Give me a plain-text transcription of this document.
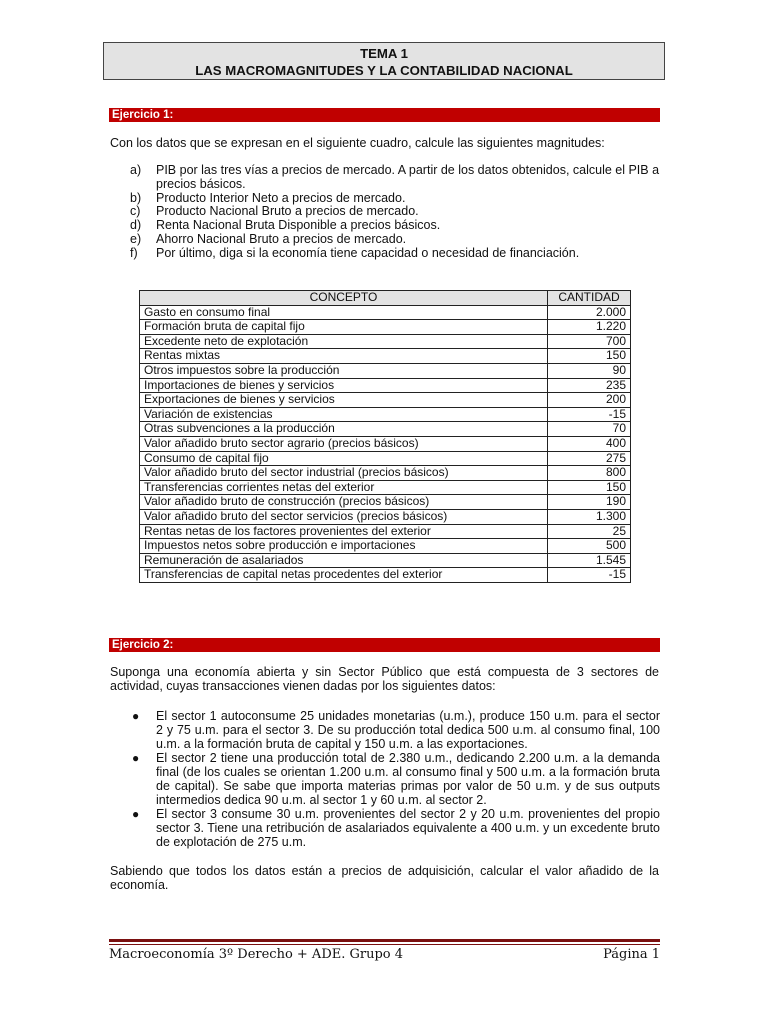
TEMA 1
LAS MACROMAGNITUDES Y LA CONTABILIDAD NACIONAL
Ejercicio 1:

Con los datos que se expresan en el siguiente cuadro, calcule las siguientes magnitudes:

a) PIB por las tres vías a precios de mercado. A partir de los datos obtenidos, calcule el PIB a precios básicos.
b) Producto Interior Neto a precios de mercado.
c) Producto Nacional Bruto a precios de mercado.
d) Renta Nacional Bruta Disponible a precios básicos.
e) Ahorro Nacional Bruto a precios de mercado.
f) Por último, diga si la economía tiene capacidad o necesidad de financiación.
CONCEPTO	CANTIDAD
Gasto en consumo final	2.000
Formación bruta de capital fijo	1.220
Excedente neto de explotación	700
Rentas mixtas	150
Otros impuestos sobre la producción	90
Importaciones de bienes y servicios	235
Exportaciones de bienes y servicios	200
Variación de existencias	-15
Otras subvenciones a la producción	70
Valor añadido bruto sector agrario (precios básicos)	400
Consumo de capital fijo	275
Valor añadido bruto del sector industrial (precios básicos)	800
Transferencias corrientes netas del exterior	150
Valor añadido bruto de construcción (precios básicos)	190
Valor añadido bruto del sector servicios (precios básicos)	1.300
Rentas netas de los factores provenientes del exterior	25
Impuestos netos sobre producción e importaciones	500
Remuneración de asalariados	1.545
Transferencias de capital netas procedentes del exterior	-15
Ejercicio 2:

Suponga una economía abierta y sin Sector Público que está compuesta de 3 sectores de actividad, cuyas transacciones vienen dadas por los siguientes datos:

● El sector 1 autoconsume 25 unidades monetarias (u.m.), produce 150 u.m. para el sector 2 y 75 u.m. para el sector 3. De su producción total dedica 500 u.m. al consumo final, 100 u.m. a la formación bruta de capital y 150 u.m. a las exportaciones.
● El sector 2 tiene una producción total de 2.380 u.m., dedicando 2.200 u.m. a la demanda final (de los cuales se orientan 1.200 u.m. al consumo final y 500 u.m. a la formación bruta de capital). Se sabe que importa materias primas por valor de 50 u.m. y de sus outputs intermedios dedica 90 u.m. al sector 1 y 60 u.m. al sector 2.
● El sector 3 consume 30 u.m. provenientes del sector 2 y 20 u.m. provenientes del propio sector 3. Tiene una retribución de asalariados equivalente a 400 u.m. y un excedente bruto de explotación de 275 u.m.

Sabiendo que todos los datos están a precios de adquisición, calcular el valor añadido de la economía.

Macroeconomía 3º Derecho + ADE. Grupo 4	Página 1
